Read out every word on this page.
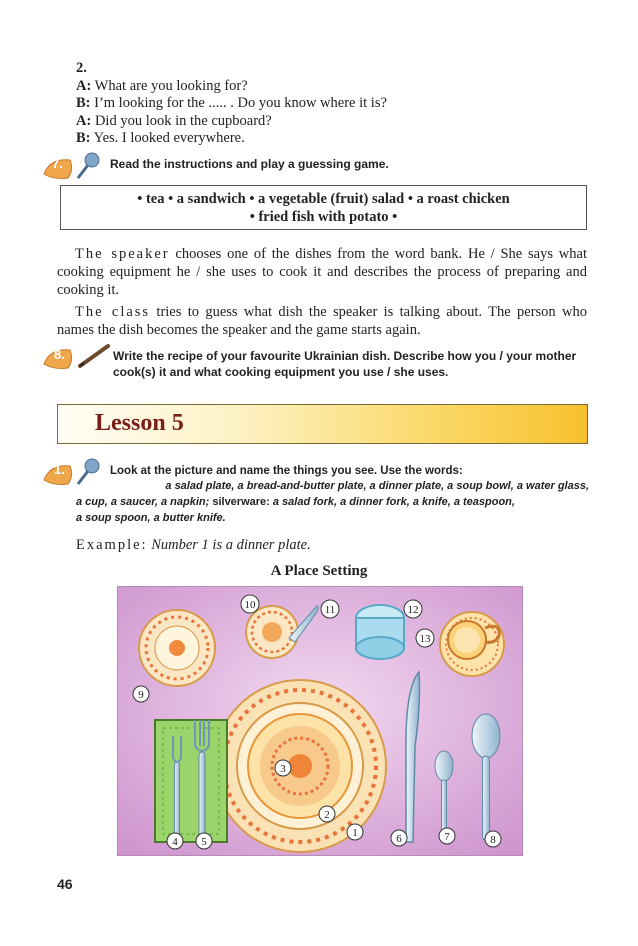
2.
A: What are you looking for?
B: I’m looking for the ..... . Do you know where it is?
A: Did you look in the cupboard?
B: Yes. I looked everywhere.
7.	Read the instructions and play a guessing game.
• tea • a sandwich • a vegetable (fruit) salad • a roast chicken
• fried fish with potato •
The speaker chooses one of the dishes from the word bank. He / She says what cooking equipment he / she uses to cook it and describes the process of preparing and cooking it.
The class tries to guess what dish the speaker is talking about. The person who names the dish becomes the speaker and the game starts again.
8.	Write the recipe of your favourite Ukrainian dish. Describe how you / your mother cook(s) it and what cooking equipment you use / she uses.
Lesson 5
1.	Look at the picture and name the things you see. Use the words:
a salad plate, a bread-and-butter plate, a dinner plate, a soup bowl, a water glass,
a cup, a saucer, a napkin; silverware: a salad fork, a dinner fork, a knife, a teaspoon,
a soup spoon, a butter knife.
Example: Number 1 is a dinner plate.
A Place Setting
1
2
3
4 5	6	7	8
9
10	11	12
13
46
